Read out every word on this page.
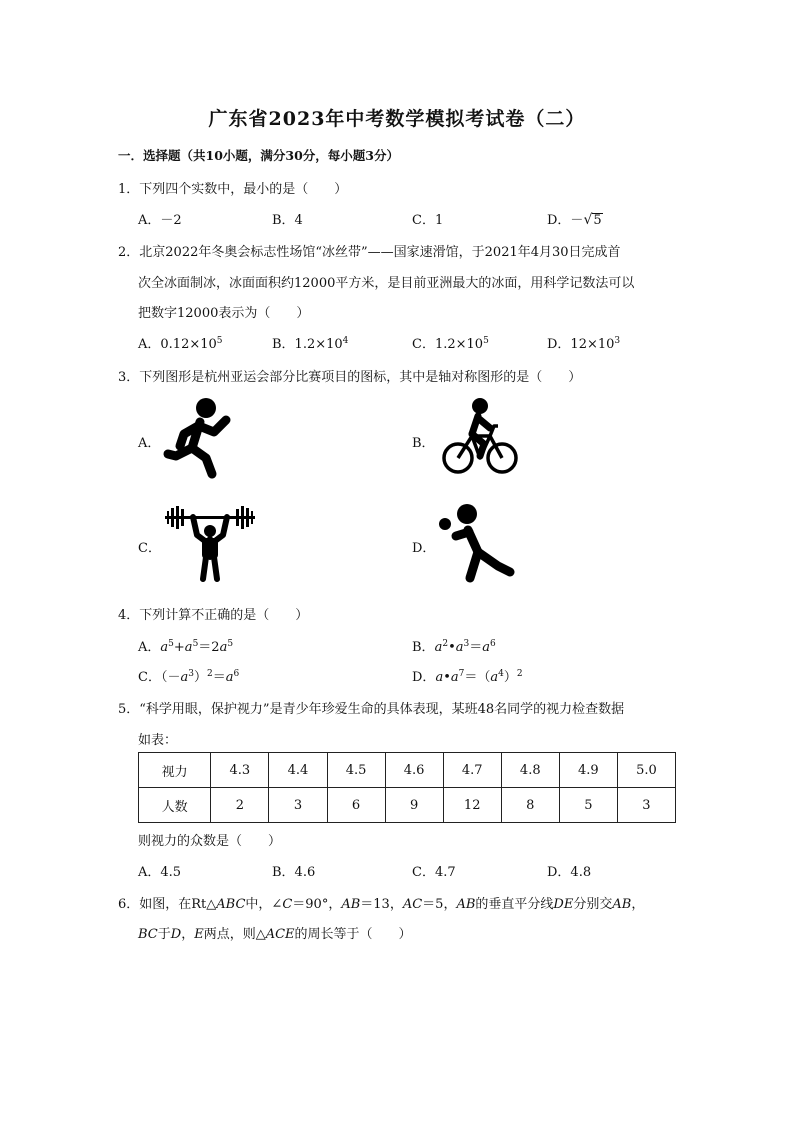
广东省2023年中考数学模拟考试卷（二）
一．选择题（共10小题，满分30分，每小题3分）
1．下列四个实数中，最小的是（　　）
A．－2	B．4	C．1	D．－√5
2．北京2022年冬奥会标志性场馆“冰丝带”——国家速滑馆，于2021年4月30日完成首
次全冰面制冰，冰面面积约12000平方米，是目前亚洲最大的冰面，用科学记数法可以
把数字12000表示为（　　）
A．$0.12\times 10^5$	B．$1.2\times 10^4$	C．$1.2\times 10^5$	D．$12\times 10^3$
3．下列图形是杭州亚运会部分比赛项目的图标，其中是轴对称图形的是（　　）
A．	B．
C．	D．
4．下列计算不正确的是（　　）
A．$a^5+a^5=2a^5$	B．$a^2•a^3=a^6$
C．$(-a^3)^2=a^6$	D．$a•a^7=(a^4)^2$
5．“科学用眼，保护视力”是青少年珍爱生命的具体表现，某班48名同学的视力检查数据
如表：
视力	4.3	4.4	4.5	4.6	4.7	4.8	4.9	5.0
人数	2	3	6	9	12	8	5	3
则视力的众数是（　　）
A．4.5	B．4.6	C．4.7	D．4.8
6．如图，在Rt△ABC中，∠C＝90°，AB＝13，AC＝5，AB的垂直平分线DE分别交AB，
BC于D，E两点，则△ACE的周长等于（　　）
